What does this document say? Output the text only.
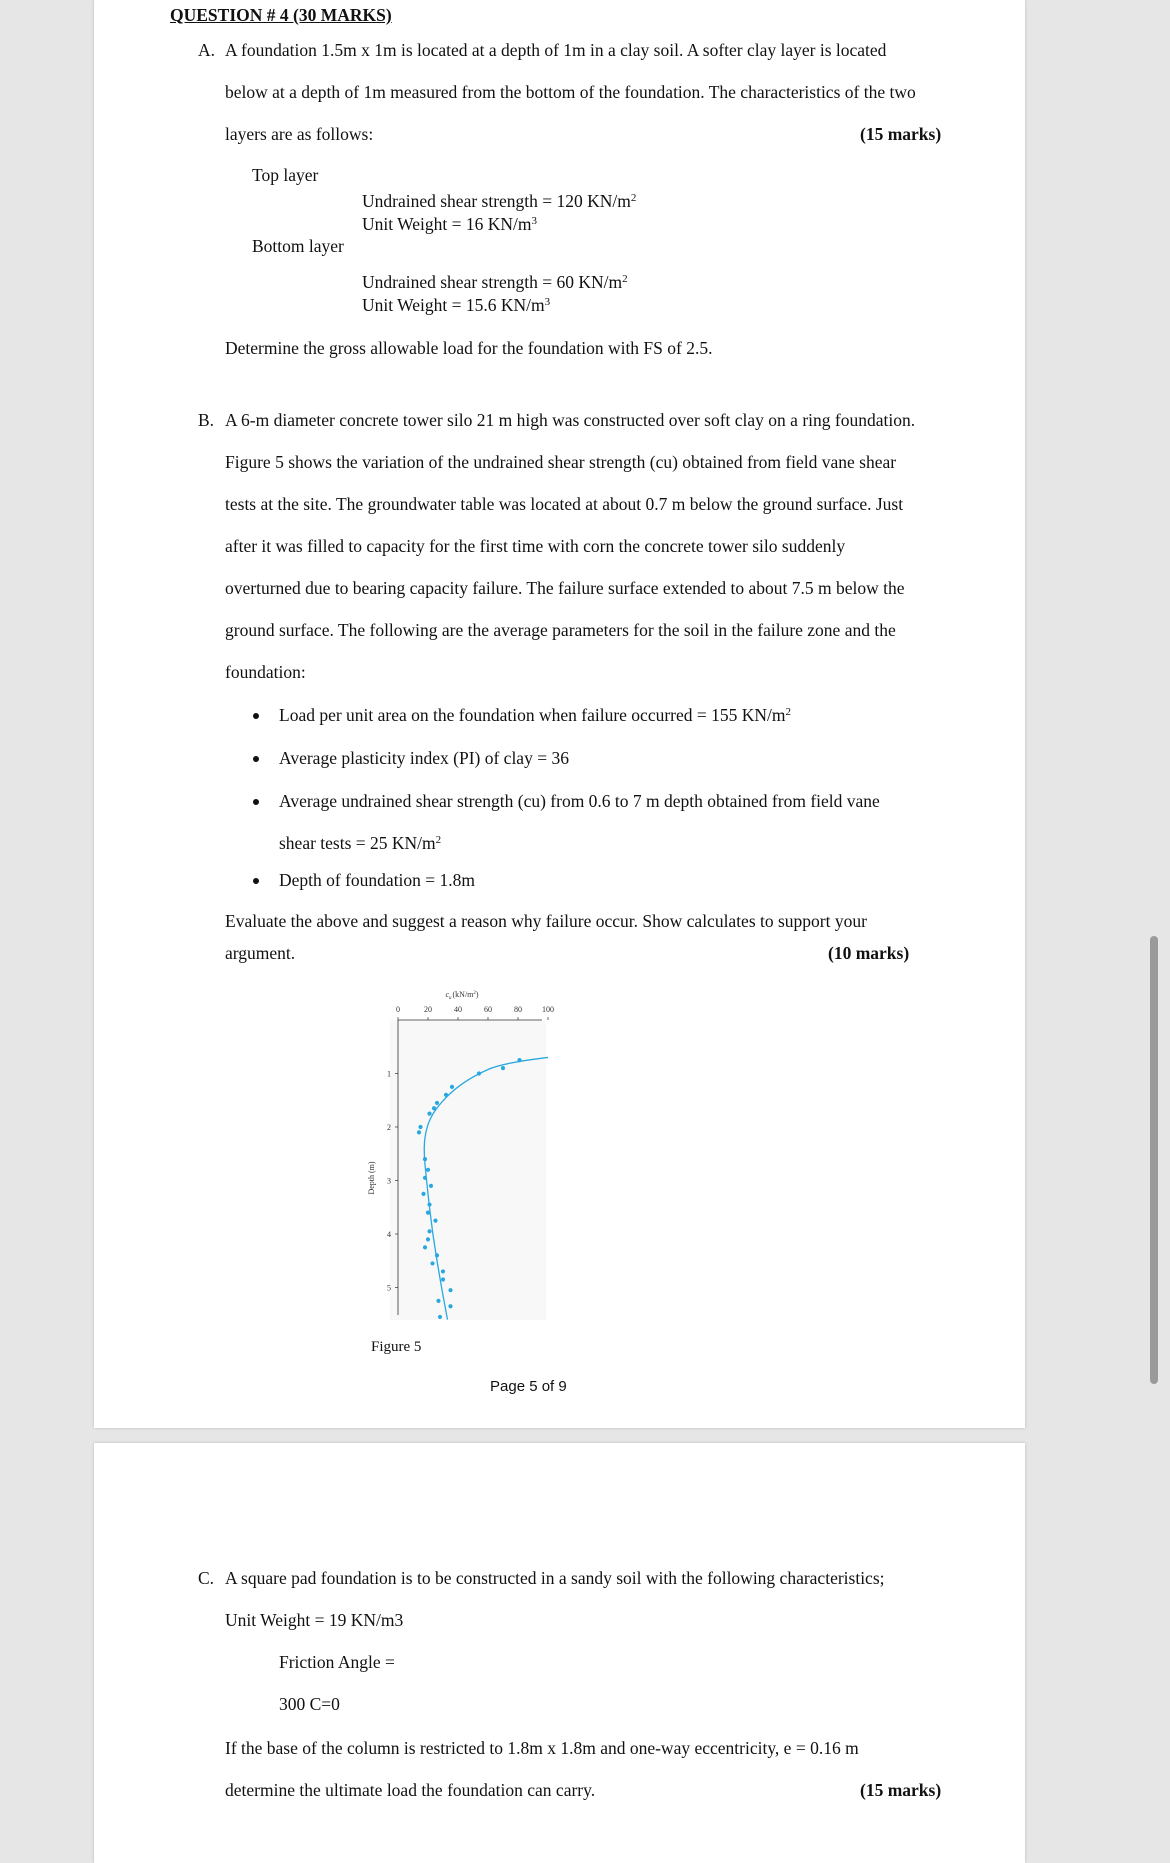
QUESTION # 4 (30 MARKS)
A. A foundation 1.5m x 1m is located at a depth of 1m in a clay soil. A softer clay layer is located
below at a depth of 1m measured from the bottom of the foundation. The characteristics of the two
layers are as follows:	(15 marks)
Top layer
Undrained shear strength = 120 $KN/m^2$
Unit Weight = 16 $KN/m^3$
Bottom layer
Undrained shear strength = 60 $KN/m^2$
Unit Weight = 15.6 $KN/m^3$
Determine the gross allowable load for the foundation with FS of 2.5.
B. A 6-m diameter concrete tower silo 21 m high was constructed over soft clay on a ring foundation.
Figure 5 shows the variation of the undrained shear strength (cu) obtained from field vane shear
tests at the site. The groundwater table was located at about 0.7 m below the ground surface. Just
after it was filled to capacity for the first time with corn the concrete tower silo suddenly
overturned due to bearing capacity failure. The failure surface extended to about 7.5 m below the
ground surface. The following are the average parameters for the soil in the failure zone and the
foundation:
Load per unit area on the foundation when failure occurred = 155 $KN/m^2$
Average plasticity index (PI) of clay = 36
Average undrained shear strength (cu) from 0.6 to 7 m depth obtained from field vane
shear tests = 25 $KN/m^2$
Depth of foundation = 1.8m
Evaluate the above and suggest a reason why failure occur. Show calculates to support your
argument.	(10 marks)
$c_u(kN/m^2)$
Depth (m)
0	20	40	60	80	100
1
2
3
4
5
Figure 5
Page 5 of 9
C. A square pad foundation is to be constructed in a sandy soil with the following characteristics;
Unit Weight = 19 KN/m3
Friction Angle =
300 C=0
If the base of the column is restricted to 1.8m x 1.8m and one-way eccentricity, e = 0.16 m
determine the ultimate load the foundation can carry.	(15 marks)
